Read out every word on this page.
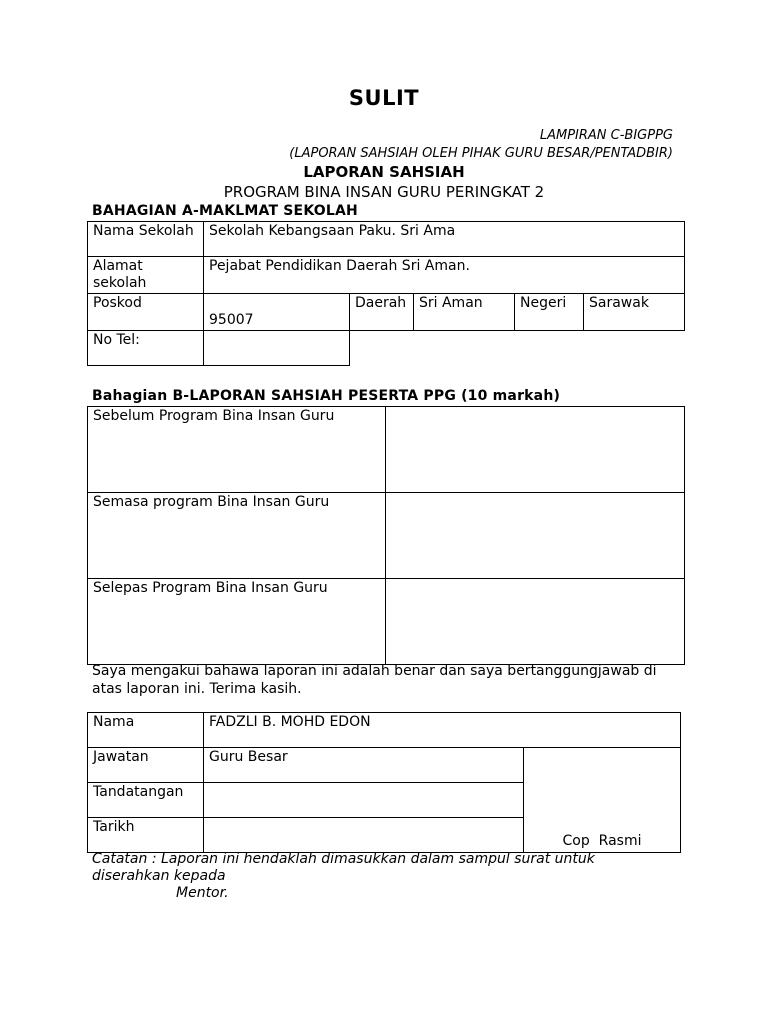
SULIT
LAMPIRAN C-BIGPPG
(LAPORAN SAHSIAH OLEH PIHAK GURU BESAR/PENTADBIR)
LAPORAN SAHSIAH
PROGRAM BINA INSAN GURU PERINGKAT 2
BAHAGIAN A-MAKLMAT SEKOLAH
Nama Sekolah	Sekolah Kebangsaan Paku. Sri Ama				
Alamat sekolah	Pejabat Pendidikan Daerah Sri Aman.				
Poskod	95007	Daerah	Sri Aman	Negeri	Sarawak
No Tel:					
Bahagian B-LAPORAN SAHSIAH PESERTA PPG (10 markah)
Sebelum Program Bina Insan Guru	
Semasa program Bina Insan Guru	
Selepas Program Bina Insan Guru	
Saya mengakui bahawa laporan ini adalah benar dan saya bertanggungjawab di
atas laporan ini. Terima kasih.
Nama	FADZLI B. MOHD EDON	
Jawatan	Guru Besar	Cop  Rasmi
Tandatangan		
Tarikh		
Catatan : Laporan ini hendaklah dimasukkan dalam sampul surat untuk
diserahkan kepada
Mentor.
